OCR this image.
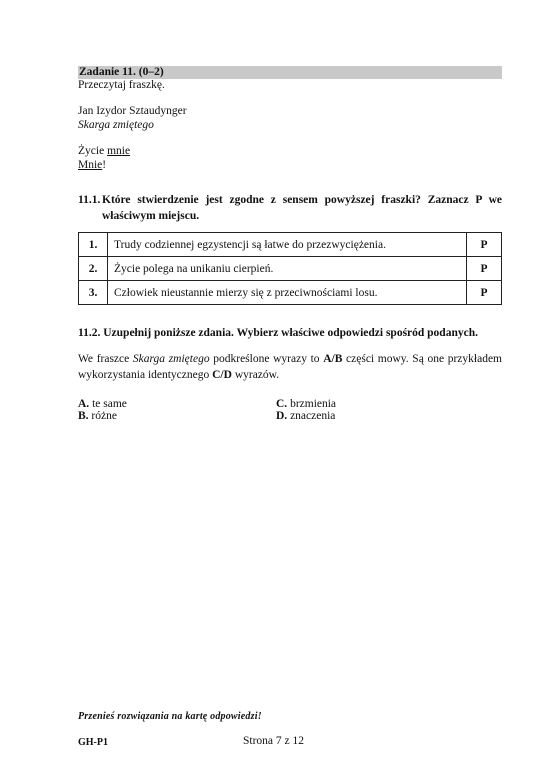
Zadanie 11. (0–2)
Przeczytaj fraszkę.
Jan Izydor Sztaudynger
Skarga zmiętego
Życie mnie
Mnie!
11.1. Które stwierdzenie jest zgodne z sensem powyższej fraszki? Zaznacz P we właściwym miejscu.
1.	Trudy codziennej egzystencji są łatwe do przezwyciężenia.	P
2.	Życie polega na unikaniu cierpień.	P
3.	Człowiek nieustannie mierzy się z przeciwnościami losu.	P
11.2. Uzupełnij poniższe zdania. Wybierz właściwe odpowiedzi spośród podanych.
We fraszce Skarga zmiętego podkreślone wyrazy to A/B części mowy. Są one przykładem wykorzystania identycznego C/D wyrazów.
A. te same
B. różne
C. brzmienia
D. znaczenia
Przenieś rozwiązania na kartę odpowiedzi!
GH-P1	Strona 7 z 12
